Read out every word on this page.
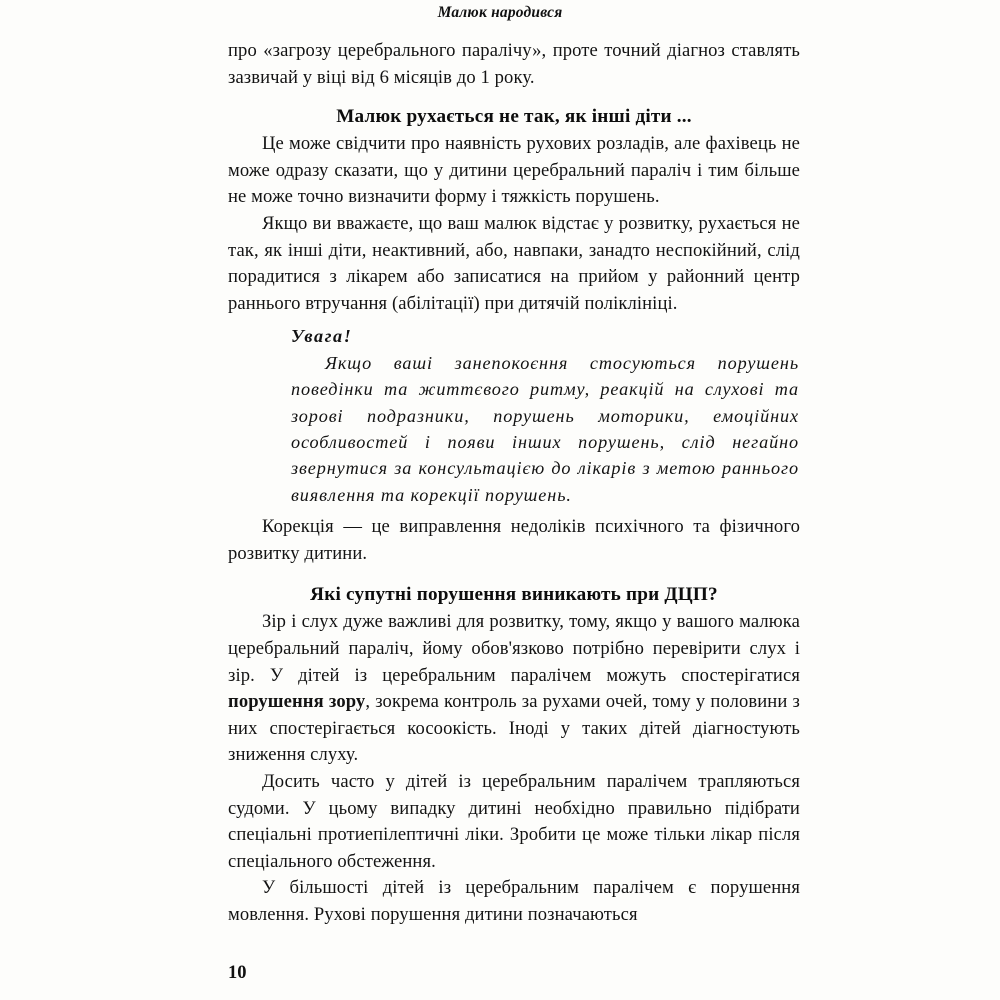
Малюк народився

про «загрозу церебрального паралічу», проте точний діагноз ставлять зазвичай у віці від 6 місяців до 1 року.

Малюк рухається не так, як інші діти ...

Це може свідчити про наявність рухових розладів, але фахівець не може одразу сказати, що у дитини церебральний параліч і тим більше не може точно визначити форму і тяжкість порушень.

Якщо ви вважаєте, що ваш малюк відстає у розвитку, рухається не так, як інші діти, неактивний, або, навпаки, занадто неспокійний, слід порадитися з лікарем або записатися на прийом у районний центр раннього втручання (абілітації) при дитячій поліклініці.

Увага!

Якщо ваші занепокоєння стосуються порушень поведінки та життєвого ритму, реакцій на слухові та зорові подразники, порушень моторики, емоційних особливостей і появи інших порушень, слід негайно звернутися за консультацією до лікарів з метою раннього виявлення та корекції порушень.

Корекція — це виправлення недоліків психічного та фізичного розвитку дитини.

Які супутні порушення виникають при ДЦП?

Зір і слух дуже важливі для розвитку, тому, якщо у вашого малюка церебральний параліч, йому обов'язково потрібно перевірити слух і зір. У дітей із церебральним паралічем можуть спостерігатися порушення зору, зокрема контроль за рухами очей, тому у половини з них спостерігається косоокість. Іноді у таких дітей діагностують зниження слуху.

Досить часто у дітей із церебральним паралічем трапляються судоми. У цьому випадку дитині необхідно правильно підібрати спеціальні протиепілептичні ліки. Зробити це може тільки лікар після спеціального обстеження.

У більшості дітей із церебральним паралічем є порушення мовлення. Рухові порушення дитини позначаються

10
